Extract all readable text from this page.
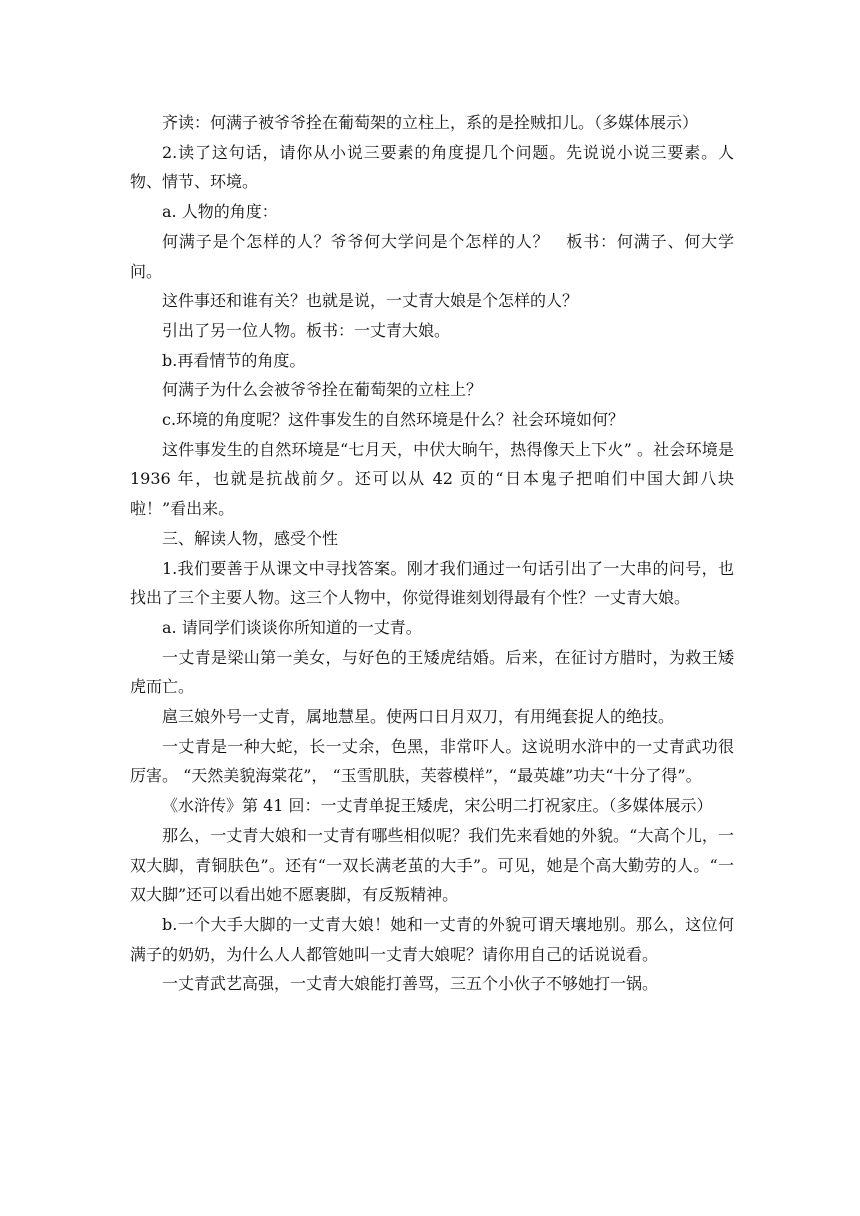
齐读：何满子被爷爷拴在葡萄架的立柱上，系的是拴贼扣儿。（多媒体展示）

2.读了这句话，请你从小说三要素的角度提几个问题。先说说小说三要素。人物、情节、环境。

a. 人物的角度：

何满子是个怎样的人？爷爷何大学问是个怎样的人？　板书：何满子、何大学问。

这件事还和谁有关？也就是说，一丈青大娘是个怎样的人？

引出了另一位人物。板书：一丈青大娘。

b.再看情节的角度。

何满子为什么会被爷爷拴在葡萄架的立柱上？

c.环境的角度呢？这件事发生的自然环境是什么？社会环境如何？

这件事发生的自然环境是“七月天，中伏大晌午，热得像天上下火” 。社会环境是 1936 年，也就是抗战前夕。还可以从 42 页的“日本鬼子把咱们中国大卸八块啦！”看出来。

三、解读人物，感受个性

1.我们要善于从课文中寻找答案。刚才我们通过一句话引出了一大串的问号，也找出了三个主要人物。这三个人物中，你觉得谁刻划得最有个性？一丈青大娘。

a. 请同学们谈谈你所知道的一丈青。

一丈青是梁山第一美女，与好色的王矮虎结婚。后来，在征讨方腊时，为救王矮虎而亡。

扈三娘外号一丈青，属地慧星。使两口日月双刀，有用绳套捉人的绝技。

一丈青是一种大蛇，长一丈余，色黑，非常吓人。这说明水浒中的一丈青武功很厉害。 “天然美貌海棠花”， “玉雪肌肤，芙蓉模样”，“最英雄”功夫“十分了得”。

《水浒传》第 41 回：一丈青单捉王矮虎，宋公明二打祝家庄。（多媒体展示）

那么，一丈青大娘和一丈青有哪些相似呢？我们先来看她的外貌。“大高个儿，一双大脚，青铜肤色”。还有“一双长满老茧的大手”。可见，她是个高大勤劳的人。“一双大脚”还可以看出她不愿裹脚，有反叛精神。

b.一个大手大脚的一丈青大娘！她和一丈青的外貌可谓天壤地别。那么，这位何满子的奶奶，为什么人人都管她叫一丈青大娘呢？请你用自己的话说说看。

一丈青武艺高强，一丈青大娘能打善骂，三五个小伙子不够她打一锅。
